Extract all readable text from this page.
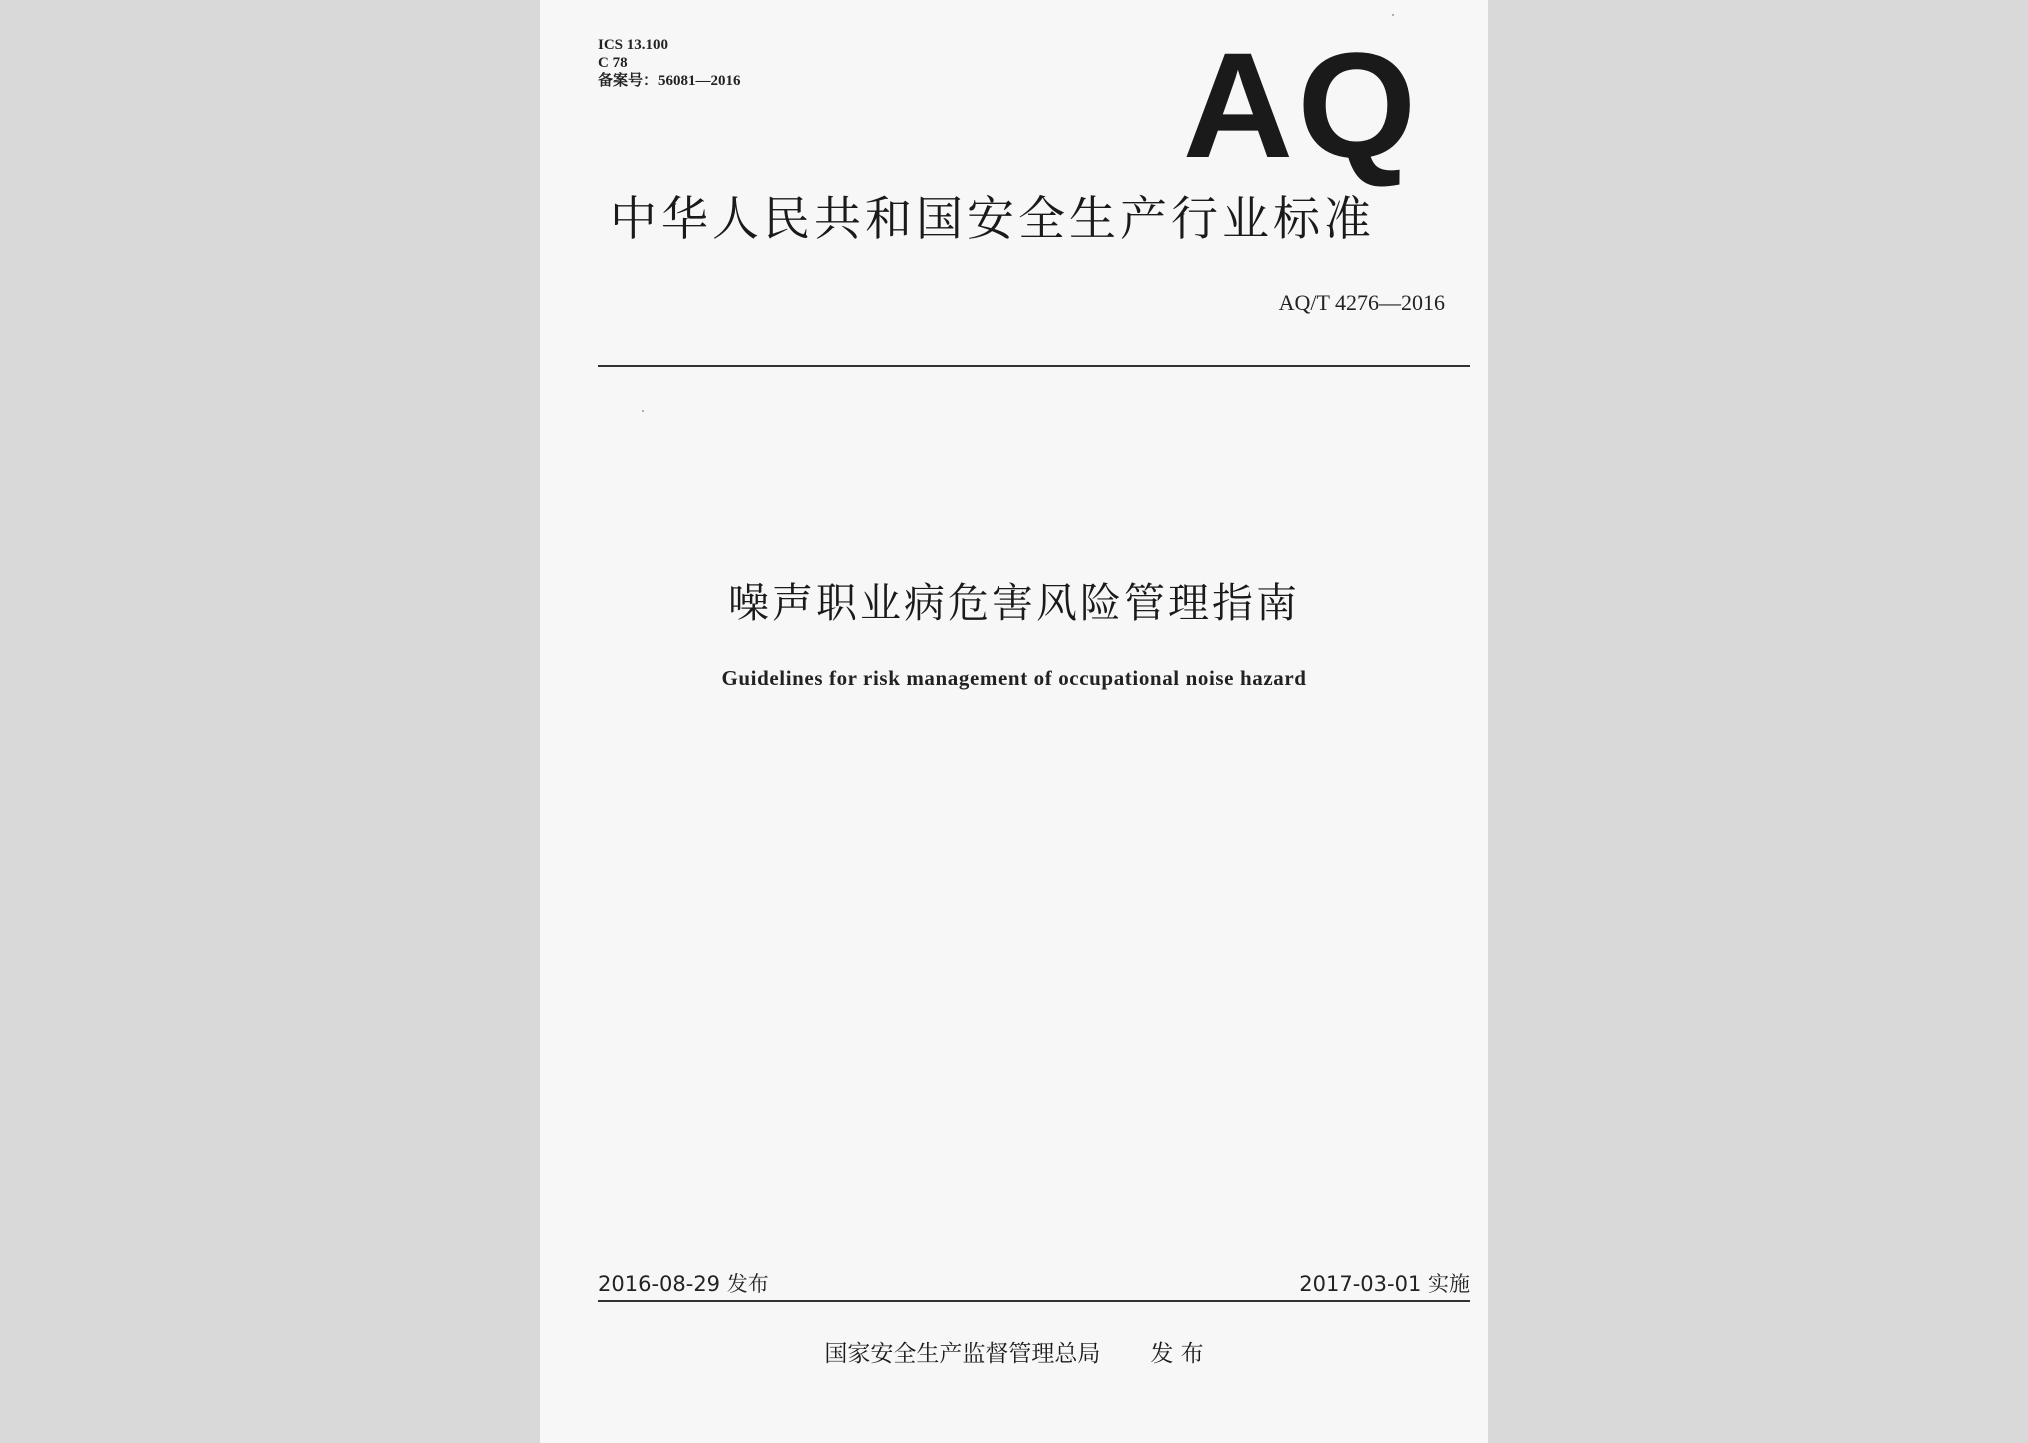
ICS 13.100
C 78
备案号：56081—2016	AQ
中华人民共和国安全生产行业标准
AQ/T 4276—2016
噪声职业病危害风险管理指南
Guidelines for risk management of occupational noise hazard
2016-08-29 发布	2017-03-01 实施
国家安全生产监督管理总局 发 布
